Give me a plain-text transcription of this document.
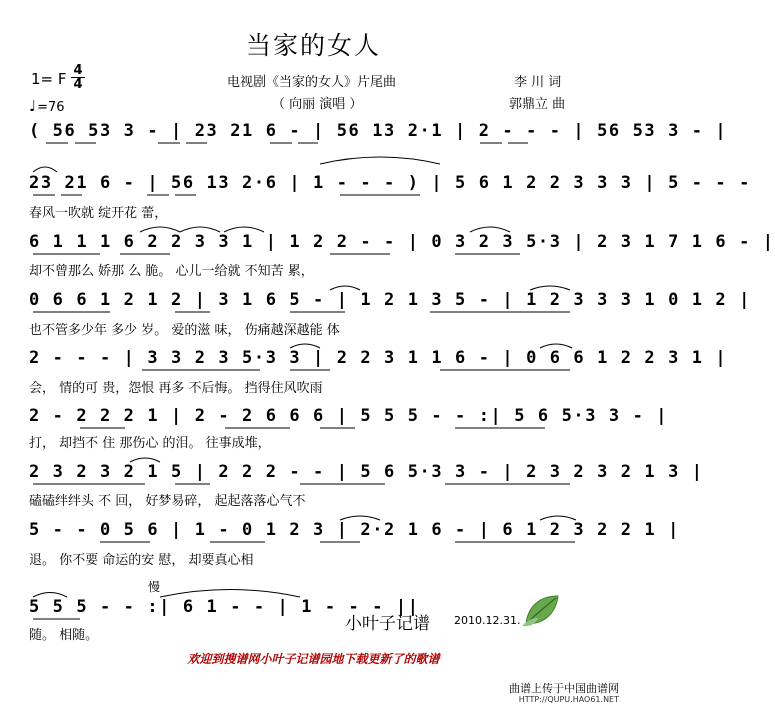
当家的女人
电视剧《当家的女人》片尾曲
（ 向丽 演唱 ）
李 川 词
郭鼎立 曲
1= F $\frac{4}{4}$
♩=76
( 56 53 3 - | 23 21 6 - | 56 13 2·1 | 2 - - - | 56 53 3 - |
23 21 6 - | 56 13 2·6 | 1 - - - ) | 5 6 1 2 2 3 3 3 | 5 - - -
春风一吹就 绽开花 蕾，
6 1 1 1 6 2 2 3 3 1 | 1 2 2 - - | 0 3 2 3 5·3 | 2 3 1 7 1 6 - |
却不曾那么 娇那 么 脆。 心儿一给就 不知苦 累，
0 6 6 1 2 1 2 | 3 1 6 5 - | 1 2 1 3 5 - | 1 2 3 3 3 1 0 1 2 |
也不管多少年 多少 岁。 爱的滋 味， 伤痛越深越能 体
2 - - - | 3 3 2 3 5·3 3 | 2 2 3 1 1 6 - | 0 6 6 1 2 2 3 1 |
会， 情的可 贵，怨恨 再多 不后悔。 挡得住风吹雨
2 - 2 2 2 1 | 2 - 2 6 6 6 | 5 5 5 - - :| 5 6 5·3 3 - |
打， 却挡不 住 那伤心 的泪。 往事成堆，
2 3 2 3 2 1 5 | 2 2 2 - - | 5 6 5·3 3 - | 2 3 2 3 2 1 3 |
磕磕绊绊头 不 回， 好梦易碎， 起起落落心气不
5 - - 0 5 6 | 1 - 0 1 2 3 | 2·2 1 6 - | 6 1 2 3 2 2 1 |
退。 你不要 命运的安 慰， 却要真心相
慢
5 5 5 - - :| 6 1 - - | 1 - - - ||
随。 相随。
小叶子记谱 2010.12.31.
欢迎到搜谱网小叶子记谱园地下载更新了的歌谱
曲谱上传于中国曲谱网
HTTP://QUPU.HAO61.NET
